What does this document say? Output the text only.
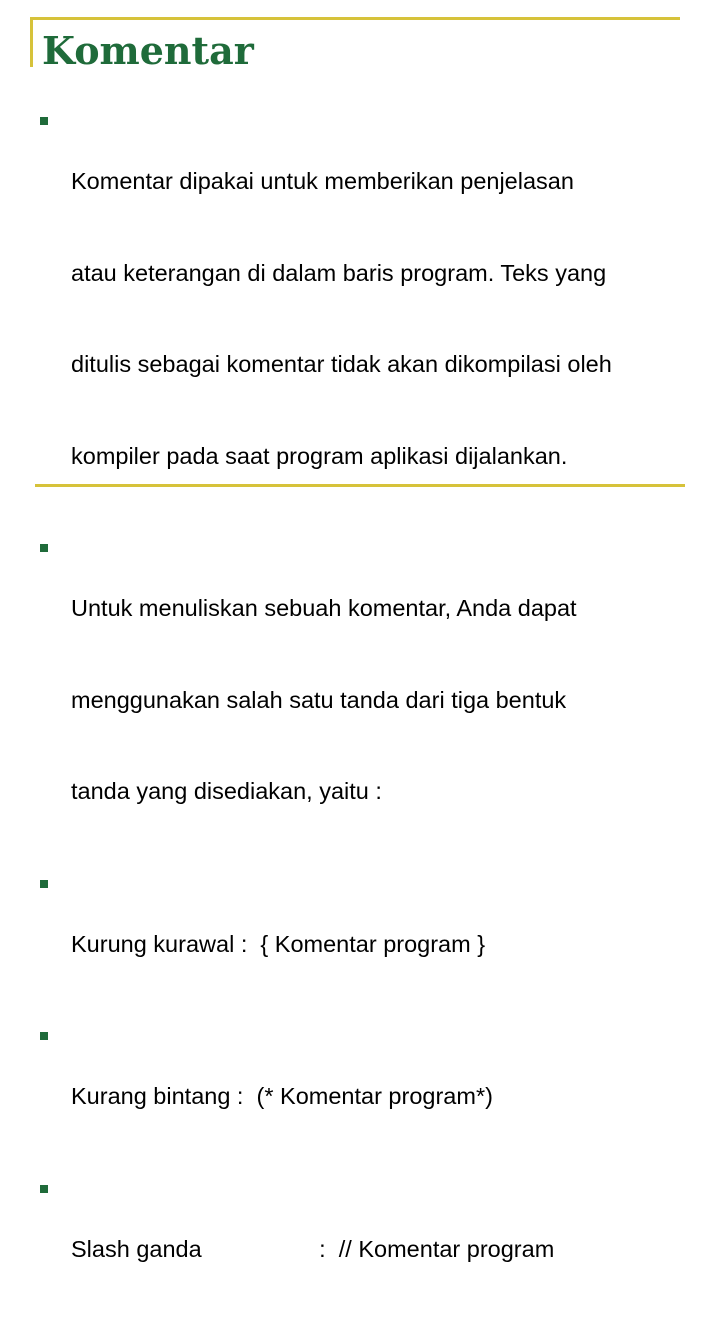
Komentar

Komentar dipakai untuk memberikan penjelasan

atau keterangan di dalam baris program. Teks yang

ditulis sebagai komentar tidak akan dikompilasi oleh

kompiler pada saat program aplikasi dijalankan.

Untuk menuliskan sebuah komentar, Anda dapat

menggunakan salah satu tanda dari tiga bentuk

tanda yang disediakan, yaitu :

Kurung kurawal :  { Komentar program }

Kurang bintang :  (* Komentar program*)

Slash ganda                  :  // Komentar program
